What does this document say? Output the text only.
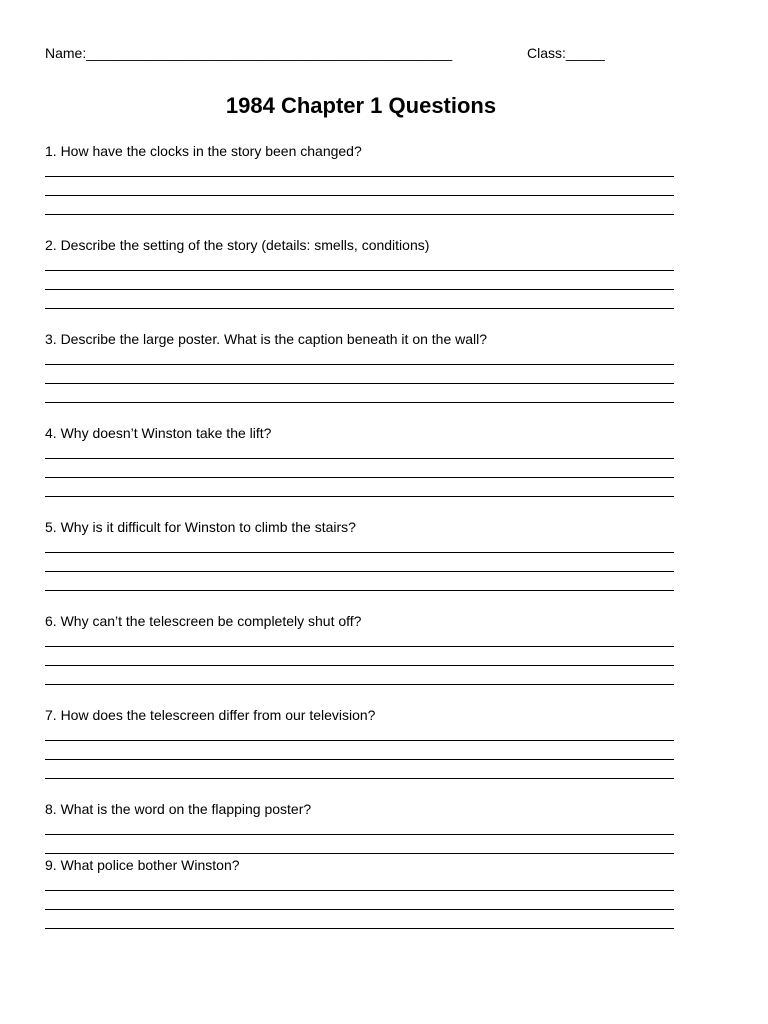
Name:_______________________________________________	Class:_____
1984 Chapter 1 Questions
1. How have the clocks in the story been changed?
2. Describe the setting of the story (details: smells, conditions)
3. Describe the large poster. What is the caption beneath it on the wall?
4. Why doesn’t Winston take the lift?
5. Why is it difficult for Winston to climb the stairs?
6. Why can’t the telescreen be completely shut off?
7. How does the telescreen differ from our television?
8. What is the word on the flapping poster?
9. What police bother Winston?
